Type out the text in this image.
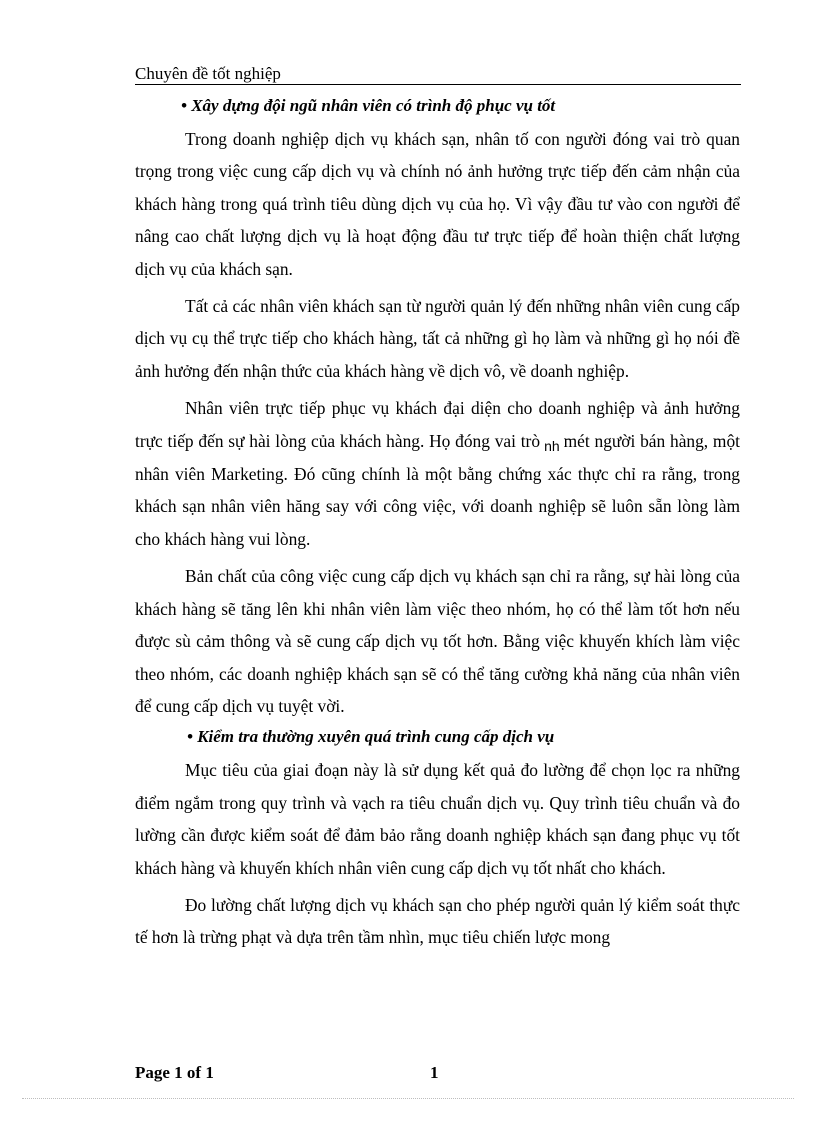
Chuyên đề tốt nghiệp
• Xây dựng đội ngũ nhân viên có trình độ phục vụ tốt

Trong doanh nghiệp dịch vụ khách sạn, nhân tố con người đóng vai trò quan trọng trong việc cung cấp dịch vụ và chính nó ảnh hưởng trực tiếp đến cảm nhận của khách hàng trong quá trình tiêu dùng dịch vụ của họ. Vì vậy đầu tư vào con người để nâng cao chất lượng dịch vụ là hoạt động đầu tư trực tiếp để hoàn thiện chất lượng dịch vụ của khách sạn.

Tất cả các nhân viên khách sạn từ người quản lý đến những nhân viên cung cấp dịch vụ cụ thể trực tiếp cho khách hàng, tất cả những gì họ làm và những gì họ nói đề ảnh hưởng đến nhận thức của khách hàng về dịch vô, về doanh nghiệp.

Nhân viên trực tiếp phục vụ khách đại diện cho doanh nghiệp và ảnh hưởng trực tiếp đến sự hài lòng của khách hàng. Họ đóng vai trò $_{nh}$ mét người bán hàng, một nhân viên Marketing. Đó cũng chính là một bằng chứng xác thực chỉ ra rằng, trong khách sạn nhân viên hăng say với công việc, với doanh nghiệp sẽ luôn sẵn lòng làm cho khách hàng vui lòng.

Bản chất của công việc cung cấp dịch vụ khách sạn chỉ ra rằng, sự hài lòng của khách hàng sẽ tăng lên khi nhân viên làm việc theo nhóm, họ có thể làm tốt hơn nếu được sù cảm thông và sẽ cung cấp dịch vụ tốt hơn. Bằng việc khuyến khích làm việc theo nhóm, các doanh nghiệp khách sạn sẽ có thể tăng cường khả năng của nhân viên để cung cấp dịch vụ tuyệt vời.

• Kiểm tra thường xuyên quá trình cung cấp dịch vụ

Mục tiêu của giai đoạn này là sử dụng kết quả đo lường để chọn lọc ra những điểm ngắm trong quy trình và vạch ra tiêu chuẩn dịch vụ. Quy trình tiêu chuẩn và đo lường cần được kiểm soát để đảm bảo rằng doanh nghiệp khách sạn đang phục vụ tốt khách hàng và khuyến khích nhân viên cung cấp dịch vụ tốt nhất cho khách.

Đo lường chất lượng dịch vụ khách sạn cho phép người quản lý kiểm soát thực tế hơn là trừng phạt và dựa trên tầm nhìn, mục tiêu chiến lược mong

Page 1 of 1	1
